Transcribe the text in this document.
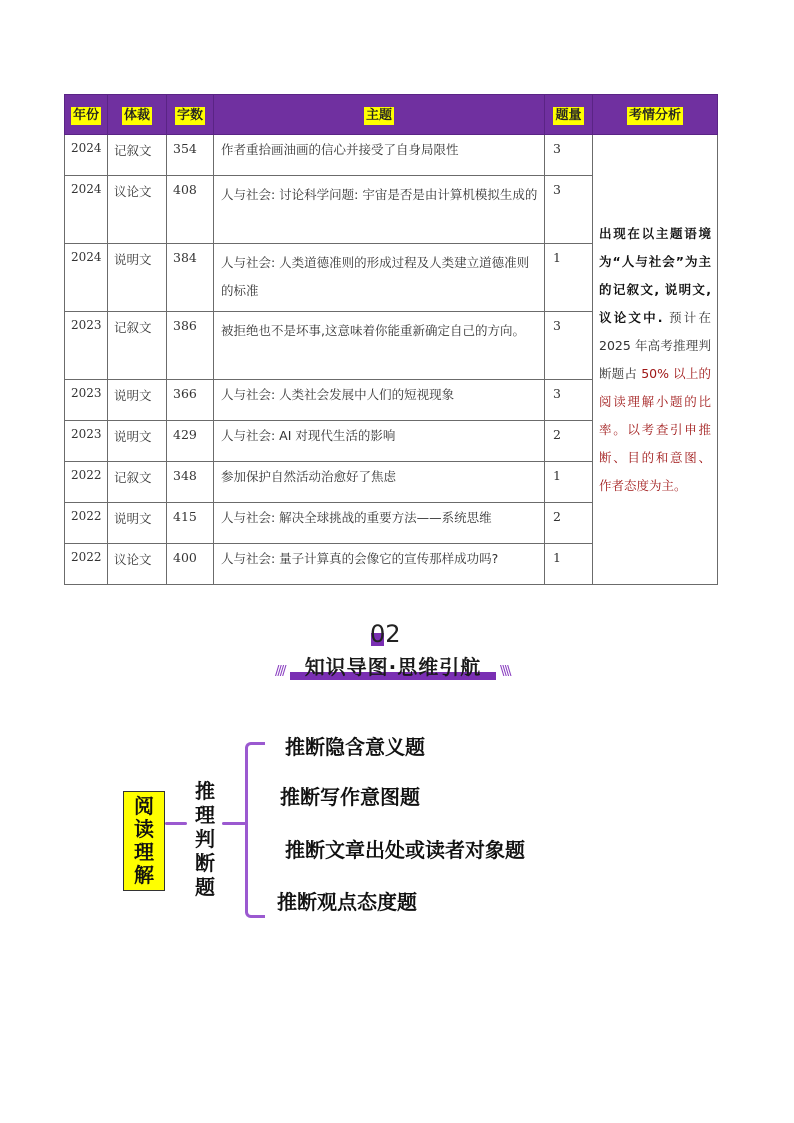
年份	体裁	字数	主题	题量	考情分析
2024	记叙文	354	作者重拾画油画的信心并接受了自身局限性	3	出现在以主题语境为“人与社会”为主的记叙文, 说明文, 议论文中. 预计在 2025 年高考推理判断题占 50% 以上的阅读理解小题的比率。以考查引申推断、目的和意图、作者态度为主。
2024	议论文	408	人与社会: 讨论科学问题: 宇宙是否是由计算机模拟生成的	3	
2024	说明文	384	人与社会: 人类道德准则的形成过程及人类建立道德准则的标准	1	
2023	记叙文	386	被拒绝也不是坏事,这意味着你能重新确定自己的方向。	3	
2023	说明文	366	人与社会: 人类社会发展中人们的短视现象	3	
2023	说明文	429	人与社会: AI 对现代生活的影响	2	
2022	记叙文	348	参加保护自然活动治愈好了焦虑	1	
2022	说明文	415	人与社会: 解决全球挑战的重要方法——系统思维	2	
2022	议论文	400	人与社会: 量子计算真的会像它的宣传那样成功吗?	1	
02
////	知识导图·思维引航	\\\\
阅
读
理
解
推
理
判
断
题
推断隐含意义题
推断写作意图题
推断文章出处或读者对象题
推断观点态度题
